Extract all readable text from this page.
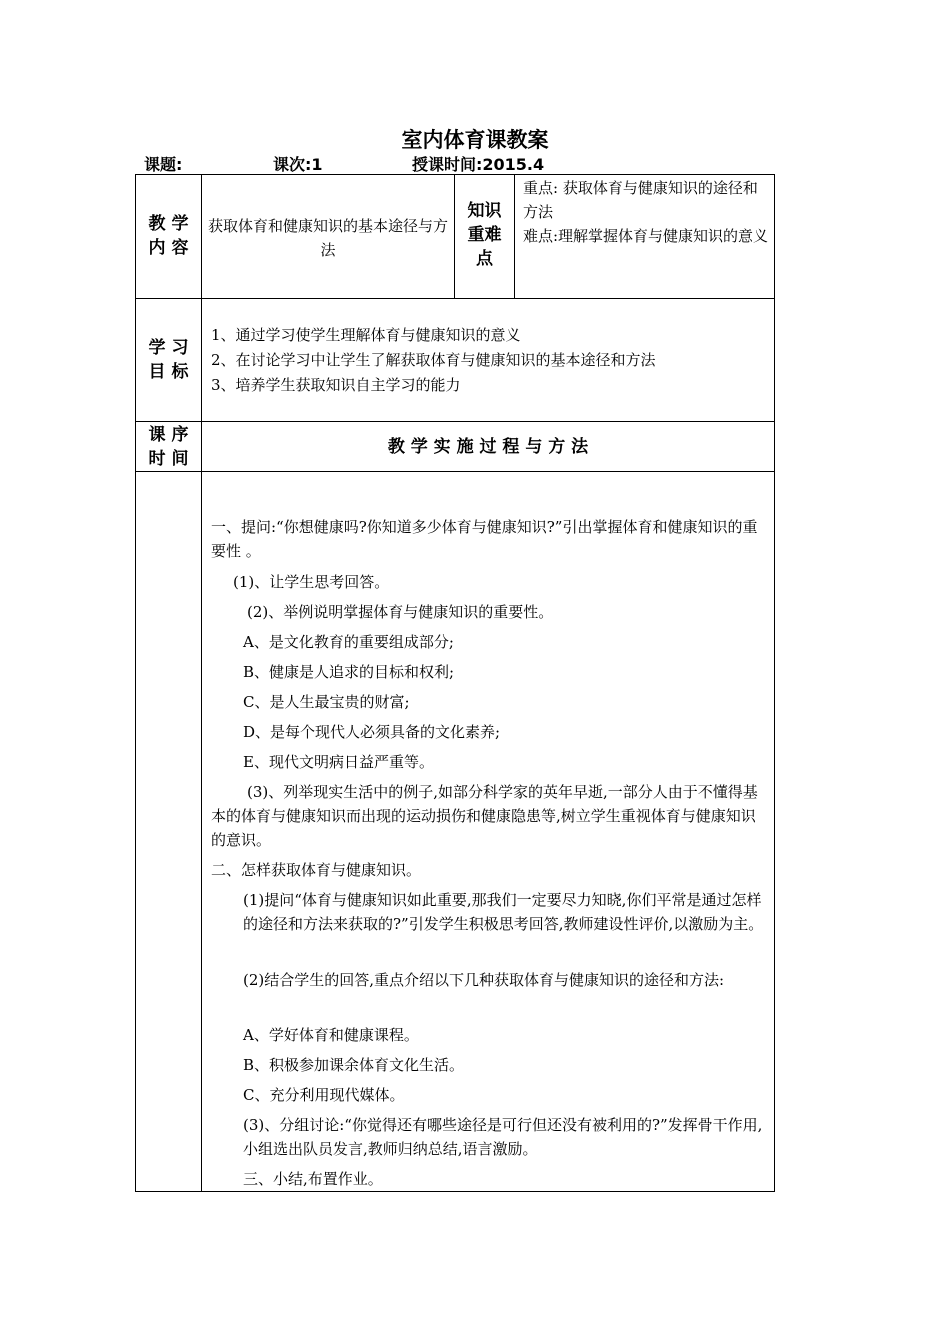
室内体育课教案
课题:	课次:1	授课时间:2015.4
教 学
内 容
获取体育和健康知识的基本途径与方法
知识
重难
点
重点: 获取体育与健康知识的途径和方法
难点:理解掌握体育与健康知识的意义
学 习
目 标
1、通过学习使学生理解体育与健康知识的意义
2、在讨论学习中让学生了解获取体育与健康知识的基本途径和方法
3、培养学生获取知识自主学习的能力
课 序
时 间
教 学 实 施 过 程 与 方 法
一、提问:“你想健康吗?你知道多少体育与健康知识?”引出掌握体育和健康知识的重要性 。
(1)、让学生思考回答。
(2)、举例说明掌握体育与健康知识的重要性。
A、是文化教育的重要组成部分;
B、健康是人追求的目标和权利;
C、是人生最宝贵的财富;
D、是每个现代人必须具备的文化素养;
E、现代文明病日益严重等。
(3)、列举现实生活中的例子,如部分科学家的英年早逝,一部分人由于不懂得基本的体育与健康知识而出现的运动损伤和健康隐患等,树立学生重视体育与健康知识的意识。
二、怎样获取体育与健康知识。
(1)提问“体育与健康知识如此重要,那我们一定要尽力知晓,你们平常是通过怎样的途径和方法来获取的?”引发学生积极思考回答,教师建设性评价,以激励为主。
(2)结合学生的回答,重点介绍以下几种获取体育与健康知识的途径和方法:
A、学好体育和健康课程。
B、积极参加课余体育文化生活。
C、充分利用现代媒体。
(3)、分组讨论:“你觉得还有哪些途径是可行但还没有被利用的?”发挥骨干作用,小组选出队员发言,教师归纳总结,语言激励。
三、小结,布置作业。
